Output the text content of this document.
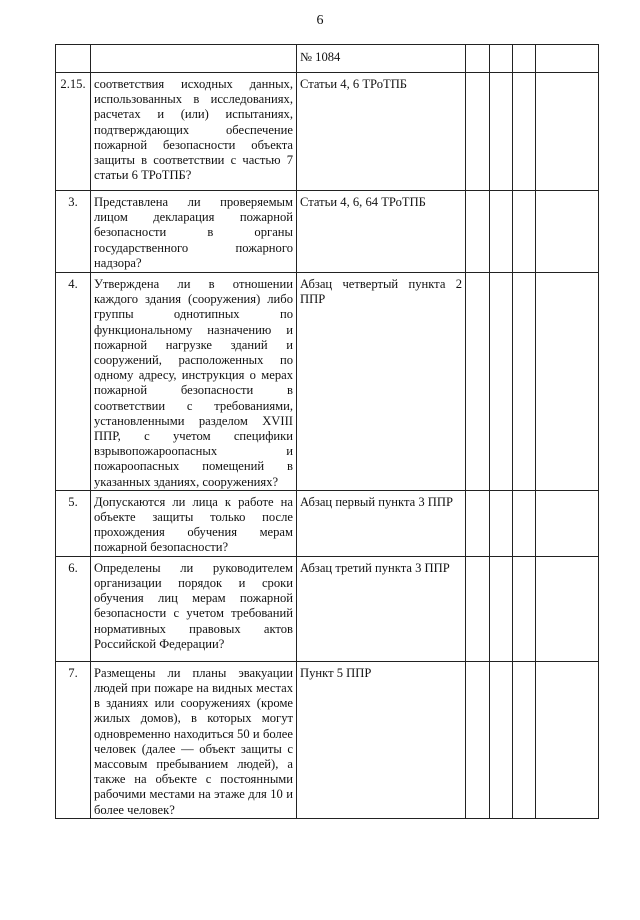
6
		№ 1084				
2.15.	соответствия исходных данных, использованных в исследованиях, расчетах и (или) испытаниях, подтверждающих обеспечение пожарной безопасности объекта защиты в соответствии с частью 7 статьи 6 ТРоТПБ?	Статьи 4, 6 ТРоТПБ				
3.	Представлена ли проверяемым лицом декларация пожарной безопасности в органы государственного пожарного надзора?	Статьи 4, 6, 64 ТРоТПБ				
4.	Утверждена ли в отношении каждого здания (сооружения) либо группы однотипных по функциональному назначению и пожарной нагрузке зданий и сооружений, расположенных по одному адресу, инструкция о мерах пожарной безопасности в соответствии с требованиями, установленными разделом XVIII ППР, с учетом специфики взрывопожароопасных и пожароопасных помещений в указанных зданиях, сооружениях?	Абзац четвертый пункта 2 ППР				
5.	Допускаются ли лица к работе на объекте защиты только после прохождения обучения мерам пожарной безопасности?	Абзац первый пункта 3 ППР				
6.	Определены ли руководителем организации порядок и сроки обучения лиц мерам пожарной безопасности с учетом требований нормативных правовых актов Российской Федерации?	Абзац третий пункта 3 ППР				
7.	Размещены ли планы эвакуации людей при пожаре на видных местах в зданиях или сооружениях (кроме жилых домов), в которых могут одновременно находиться 50 и более человек (далее — объект защиты с массовым пребыванием людей), а также на объекте с постоянными рабочими местами на этаже для 10 и более человек?	Пункт 5 ППР				
